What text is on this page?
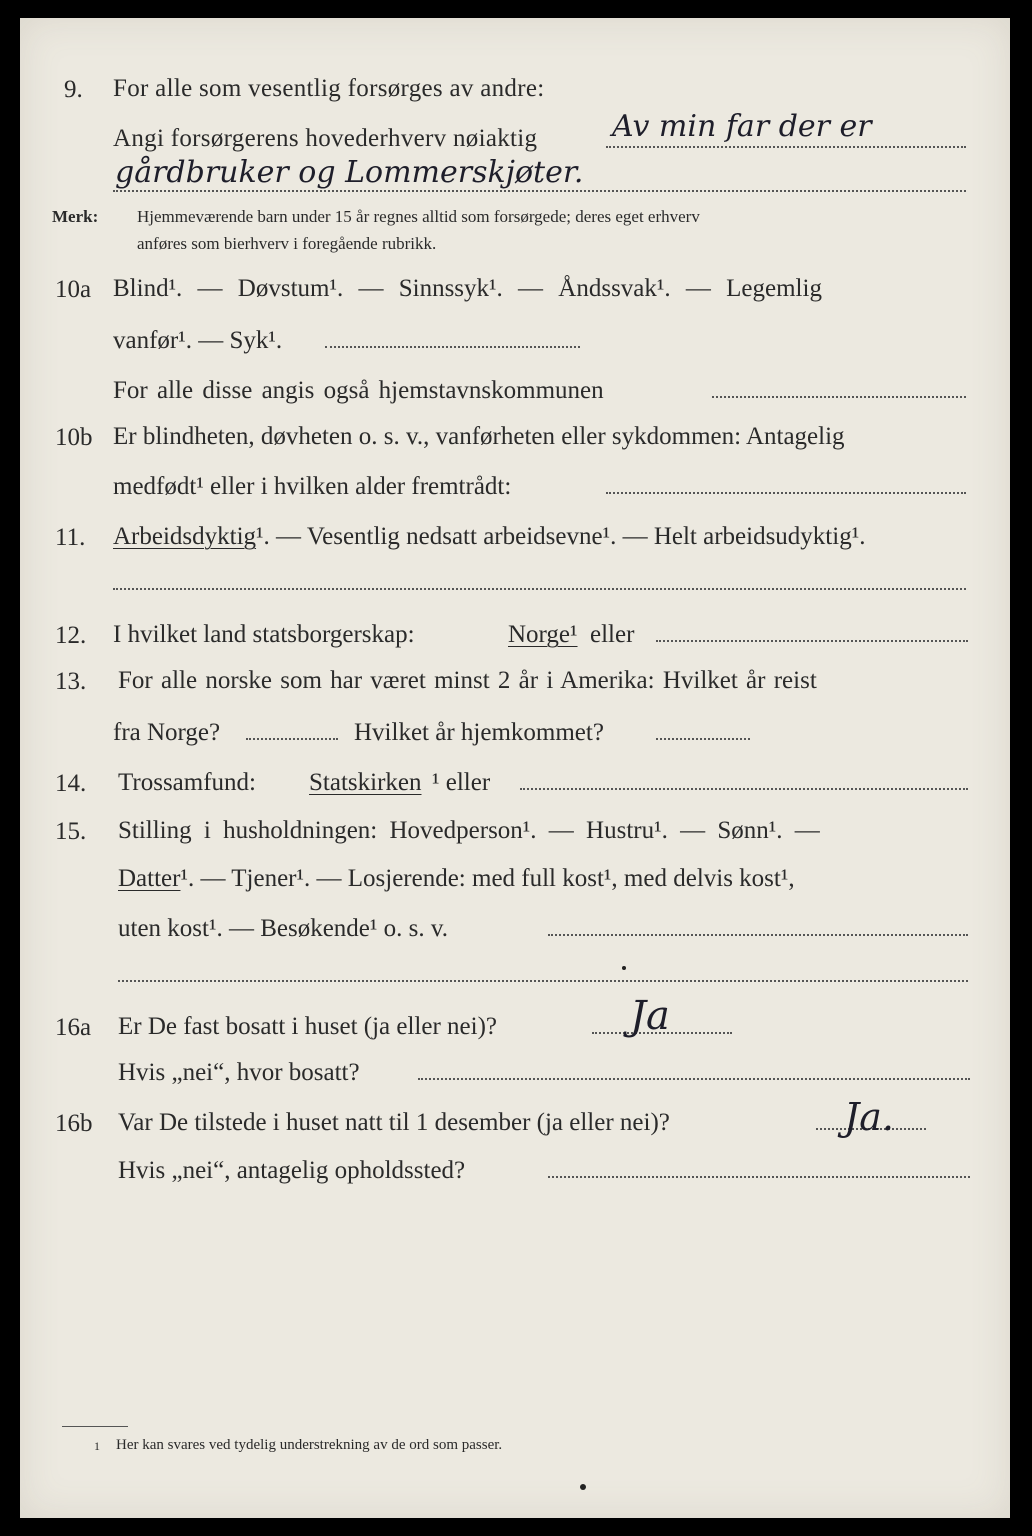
9. For alle som vesentlig forsørges av andre:
Angi forsørgerens hovederhverv nøiaktig Av min far der er
gårdbruker og Lommerskjøter.
Merk: Hjemmeværende barn under 15 år regnes alltid som forsørgede; deres eget erhverv
anføres som bierhverv i foregående rubrikk.
10a Blind¹. — Døvstum¹. — Sinnssyk¹. — Åndssvak¹. — Legemlig
vanfør¹. — Syk¹.
For alle disse angis også hjemstavnskommunen
10b Er blindheten, døvheten o. s. v., vanførheten eller sykdommen: Antagelig
medfødt¹ eller i hvilken alder fremtrådt:
11. Arbeidsdyktig¹. — Vesentlig nedsatt arbeidsevne¹. — Helt arbeidsudyktig¹.
12. I hvilket land statsborgerskap:	Norge¹ eller
13. For alle norske som har været minst 2 år i Amerika: Hvilket år reist
fra Norge?	Hvilket år hjemkommet?
14. Trossamfund: Statskirken ¹ eller
15. Stilling i husholdningen: Hovedperson¹. — Hustru¹. — Sønn¹. —
Datter¹. — Tjener¹. — Losjerende: med full kost¹, med delvis kost¹,
uten kost¹. — Besøkende¹ o. s. v.
16a Er De fast bosatt i huset (ja eller nei)?	Ja
Hvis „nei“, hvor bosatt?
16b Var De tilstede i huset natt til 1 desember (ja eller nei)?	Ja.
Hvis „nei“, antagelig opholdssted?
1 Her kan svares ved tydelig understrekning av de ord som passer.
